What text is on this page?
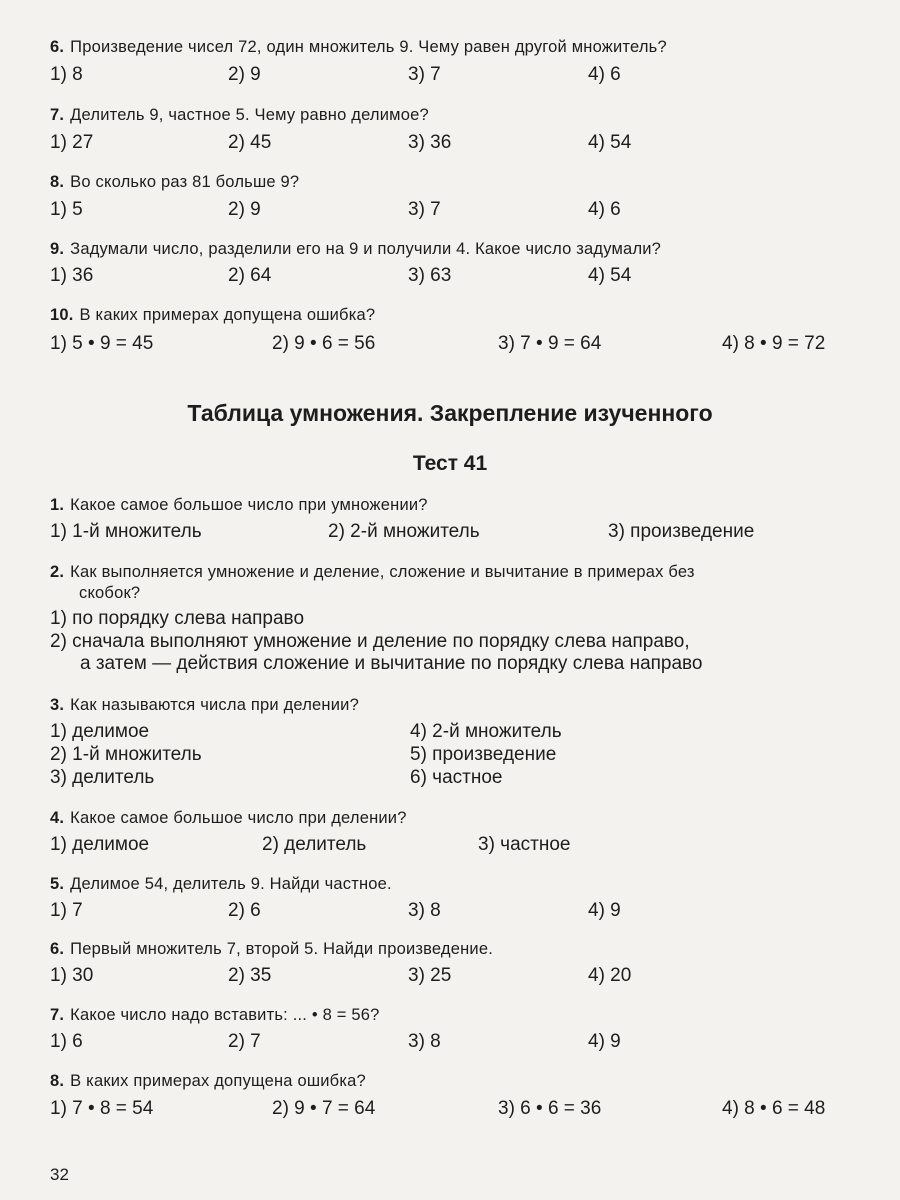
6. Произведение чисел 72, один множитель 9. Чему равен другой множитель?
1) 8	2) 9	3) 7	4) 6
7. Делитель 9, частное 5. Чему равно делимое?
1) 27	2) 45	3) 36	4) 54
8. Во сколько раз 81 больше 9?
1) 5	2) 9	3) 7	4) 6
9. Задумали число, разделили его на 9 и получили 4. Какое число задумали?
1) 36	2) 64	3) 63	4) 54
10. В каких примерах допущена ошибка?
1) 5 • 9 = 45	2) 9 • 6 = 56	3) 7 • 9 = 64	4) 8 • 9 = 72
Таблица умножения. Закрепление изученного
Тест 41
1. Какое самое большое число при умножении?
1) 1-й множитель	2) 2-й множитель	3) произведение
2. Как выполняется умножение и деление, сложение и вычитание в примерах без
скобок?
1) по порядку слева направо
2) сначала выполняют умножение и деление по порядку слева направо,
а затем — действия сложение и вычитание по порядку слева направо
3. Как называются числа при делении?
1) делимое
2) 1-й множитель
3) делитель
4) 2-й множитель
5) произведение
6) частное
4. Какое самое большое число при делении?
1) делимое	2) делитель	3) частное
5. Делимое 54, делитель 9. Найди частное.
1) 7	2) 6	3) 8	4) 9
6. Первый множитель 7, второй 5. Найди произведение.
1) 30	2) 35	3) 25	4) 20
7. Какое число надо вставить: ... • 8 = 56?
1) 6	2) 7	3) 8	4) 9
8. В каких примерах допущена ошибка?
1) 7 • 8 = 54	2) 9 • 7 = 64	3) 6 • 6 = 36	4) 8 • 6 = 48
32
